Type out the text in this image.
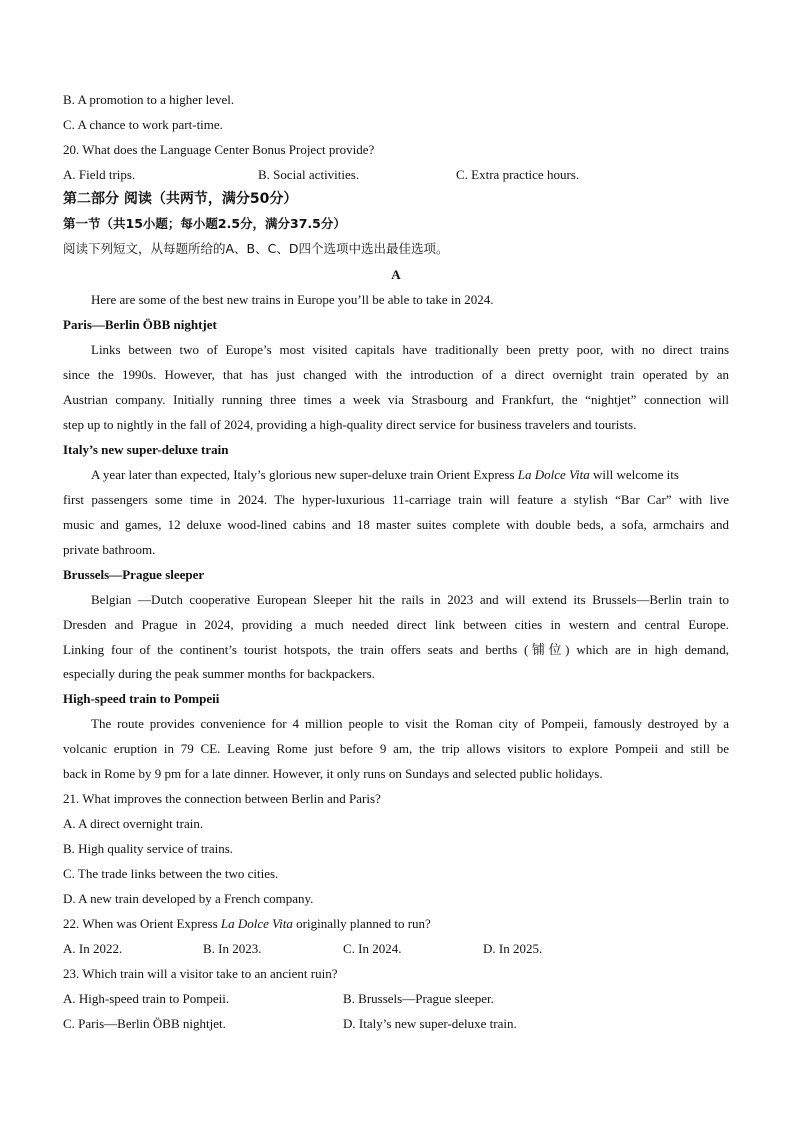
B. A promotion to a higher level.
C. A chance to work part-time.
20. What does the Language Center Bonus Project provide?
A. Field trips.	B. Social activities.	C. Extra practice hours.
第二部分 阅读（共两节，满分50分）
第一节（共15小题；每小题2.5分，满分37.5分）
阅读下列短文，从每题所给的A、B、C、D四个选项中选出最佳选项。
A
Here are some of the best new trains in Europe you’ll be able to take in 2024.
Paris—Berlin ÖBB nightjet
Links between two of Europe’s most visited capitals have traditionally been pretty poor, with no direct trains
since the 1990s. However, that has just changed with the introduction of a direct overnight train operated by an
Austrian company. Initially running three times a week via Strasbourg and Frankfurt, the “nightjet” connection will
step up to nightly in the fall of 2024, providing a high-quality direct service for business travelers and tourists.
Italy’s new super-deluxe train
A year later than expected, Italy’s glorious new super-deluxe train Orient Express La Dolce Vita will welcome its
first passengers some time in 2024. The hyper-luxurious 11-carriage train will feature a stylish “Bar Car” with live
music and games, 12 deluxe wood-lined cabins and 18 master suites complete with double beds, a sofa, armchairs and
private bathroom.
Brussels—Prague sleeper
Belgian —Dutch cooperative European Sleeper hit the rails in 2023 and will extend its Brussels—Berlin train to
Dresden and Prague in 2024, providing a much needed direct link between cities in western and central Europe.
Linking four of the continent’s tourist hotspots, the train offers seats and berths (铺位) which are in high demand,
especially during the peak summer months for backpackers.
High-speed train to Pompeii
The route provides convenience for 4 million people to visit the Roman city of Pompeii, famously destroyed by a
volcanic eruption in 79 CE. Leaving Rome just before 9 am, the trip allows visitors to explore Pompeii and still be
back in Rome by 9 pm for a late dinner. However, it only runs on Sundays and selected public holidays.
21. What improves the connection between Berlin and Paris?
A. A direct overnight train.
B. High quality service of trains.
C. The trade links between the two cities.
D. A new train developed by a French company.
22. When was Orient Express La Dolce Vita originally planned to run?
A. In 2022.	B. In 2023.	C. In 2024.	D. In 2025.
23. Which train will a visitor take to an ancient ruin?
A. High-speed train to Pompeii.	B. Brussels—Prague sleeper.
C. Paris—Berlin ÖBB nightjet.	D. Italy’s new super-deluxe train.
